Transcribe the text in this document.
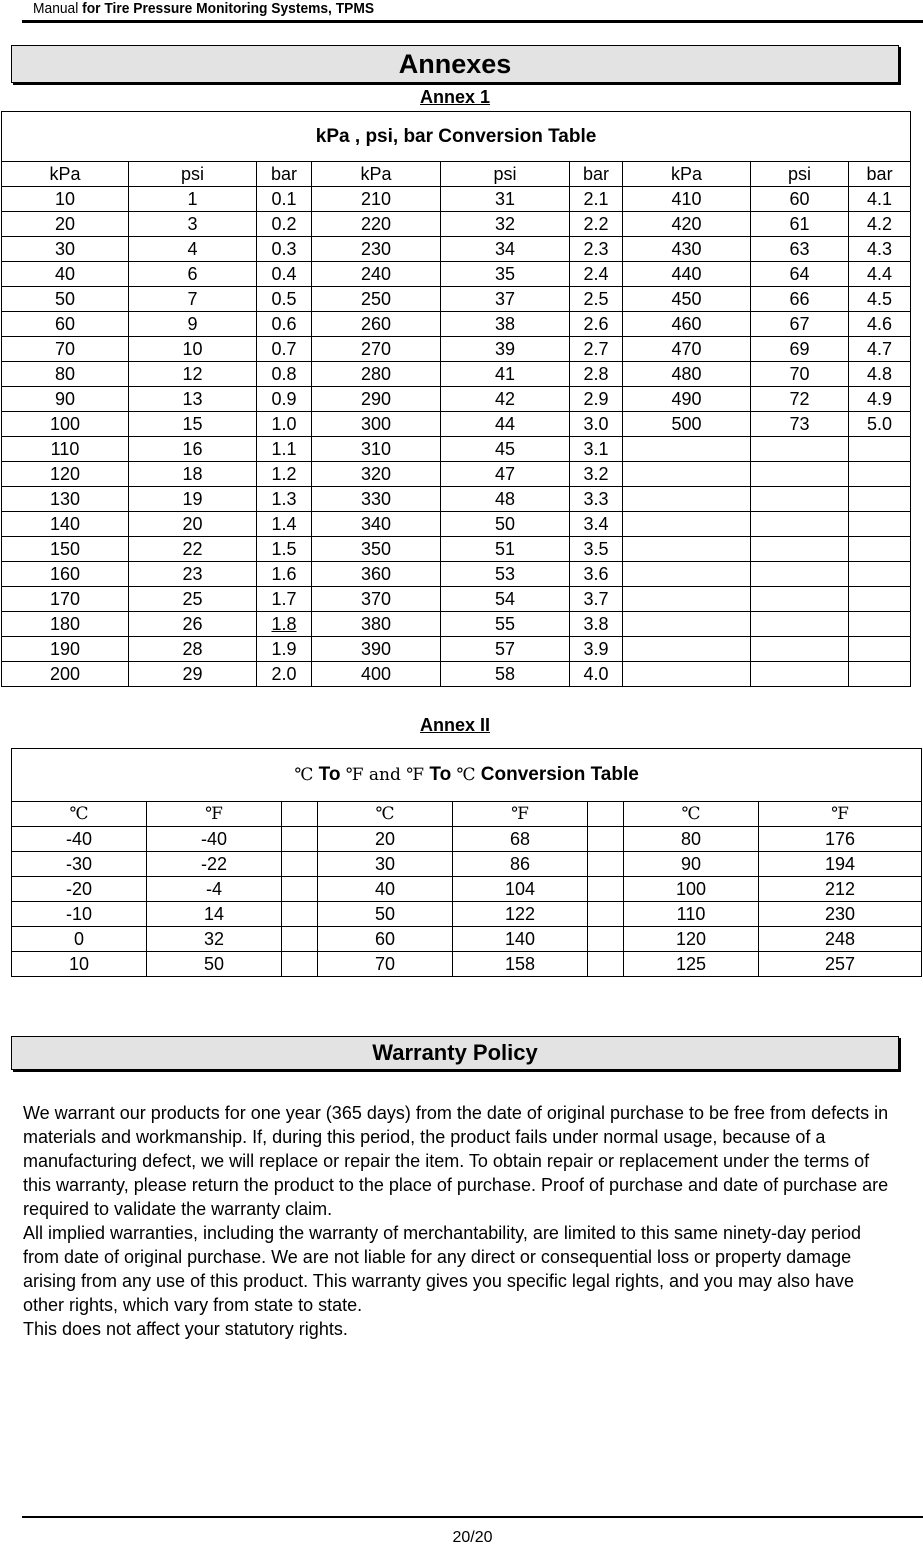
Manual for Tire Pressure Monitoring Systems, TPMS
Annexes
Annex 1
kPa , psi, bar Conversion Table								
kPa	psi	bar	kPa	psi	bar	kPa	psi	bar
10	1	0.1	210	31	2.1	410	60	4.1
20	3	0.2	220	32	2.2	420	61	4.2
30	4	0.3	230	34	2.3	430	63	4.3
40	6	0.4	240	35	2.4	440	64	4.4
50	7	0.5	250	37	2.5	450	66	4.5
60	9	0.6	260	38	2.6	460	67	4.6
70	10	0.7	270	39	2.7	470	69	4.7
80	12	0.8	280	41	2.8	480	70	4.8
90	13	0.9	290	42	2.9	490	72	4.9
100	15	1.0	300	44	3.0	500	73	5.0
110	16	1.1	310	45	3.1			
120	18	1.2	320	47	3.2			
130	19	1.3	330	48	3.3			
140	20	1.4	340	50	3.4			
150	22	1.5	350	51	3.5			
160	23	1.6	360	53	3.6			
170	25	1.7	370	54	3.7			
180	26	1.8	380	55	3.8			
190	28	1.9	390	57	3.9			
200	29	2.0	400	58	4.0			
Annex II
℃ To ℉ and ℉ To ℃ Conversion Table							
℃	℉		℃	℉		℃	℉
-40	-40		20	68		80	176
-30	-22		30	86		90	194
-20	-4		40	104		100	212
-10	14		50	122		110	230
0	32		60	140		120	248
10	50		70	158		125	257
Warranty Policy

We warrant our products for one year (365 days) from the date of original purchase to be free from defects in materials and workmanship. If, during this period, the product fails under normal usage, because of a manufacturing defect, we will replace or repair the item. To obtain repair or replacement under the terms of this warranty, please return the product to the place of purchase. Proof of purchase and date of purchase are required to validate the warranty claim.

All implied warranties, including the warranty of merchantability, are limited to this same ninety-day period from date of original purchase. We are not liable for any direct or consequential loss or property damage arising from any use of this product. This warranty gives you specific legal rights, and you may also have other rights, which vary from state to state.

This does not affect your statutory rights.

20/20
